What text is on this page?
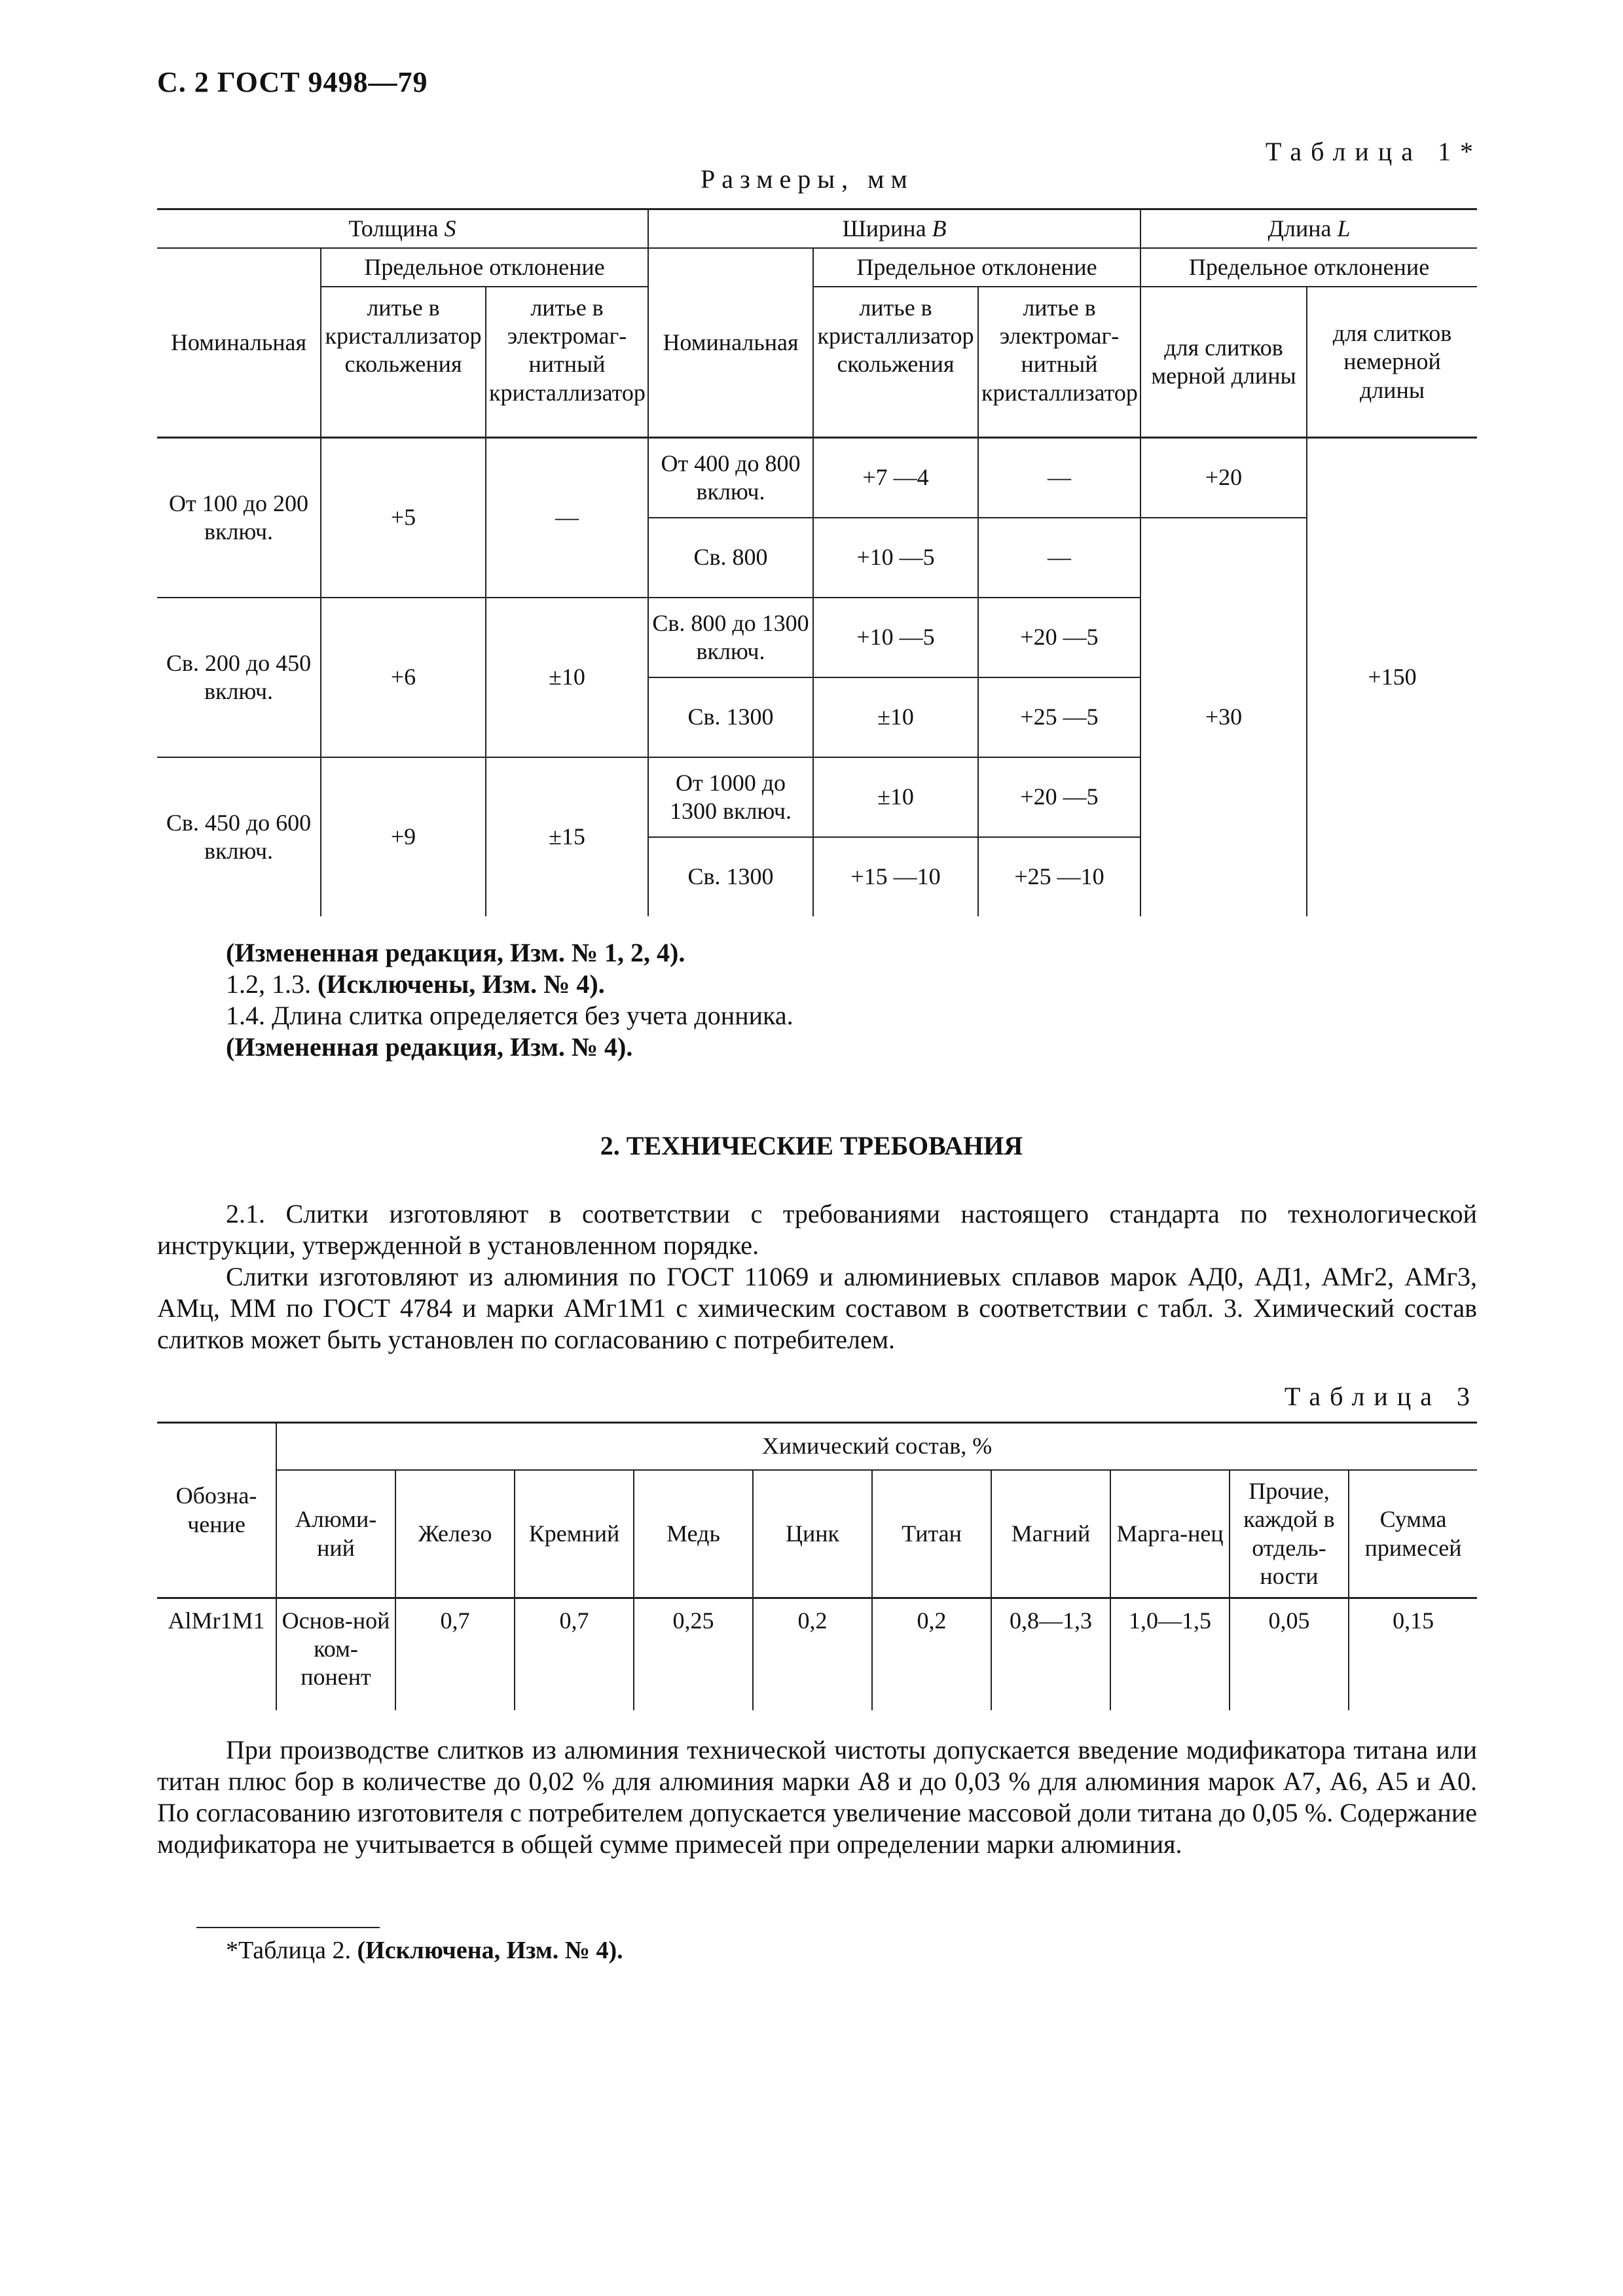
С. 2 ГОСТ 9498—79
Таблица 1*
Размеры, мм
Толщина S			Ширина B			Длина L	
Номинальная	Предельное отклонение		Номинальная	Предельное отклонение		Предельное отклонение	
	литье в кристаллизатор скольжения	литье в электромаг-нитный кристаллизатор		литье в кристаллизатор скольжения	литье в электромаг-нитный кристаллизатор	для слитков мерной длины	для слитков немерной длины
От 100 до 200 включ.	+5	—	От 400 до 800 включ.	+7 —4	—	+20	+150
			Св. 800	+10 —5	—	+30	
Св. 200 до 450 включ.	+6	±10	Св. 800 до 1300 включ.	+10 —5	+20 —5		
			Св. 1300	±10	+25 —5		
Св. 450 до 600 включ.	+9	±15	От 1000 до 1300 включ.	±10	+20 —5		
			Св. 1300	+15 —10	+25 —10		

(Измененная редакция, Изм. № 1, 2, 4).

1.2, 1.3. (Исключены, Изм. № 4).

1.4. Длина слитка определяется без учета донника.

(Измененная редакция, Изм. № 4).

2. ТЕХНИЧЕСКИЕ ТРЕБОВАНИЯ

2.1. Слитки изготовляют в соответствии с требованиями настоящего стандарта по технологической инструкции, утвержденной в установленном порядке.

Слитки изготовляют из алюминия по ГОСТ 11069 и алюминиевых сплавов марок АД0, АД1, АМг2, АМг3, АМц, ММ по ГОСТ 4784 и марки АМг1М1 с химическим составом в соответствии с табл. 3. Химический состав слитков может быть установлен по согласованию с потребителем.

Таблица 3
Обозна-чение	Химический состав, %									
	Алюми-ний	Железо	Кремний	Медь	Цинк	Титан	Магний	Марга-нец	Прочие, каждой в отдель-ности	Сумма примесей
AlMr1M1	Основ-ной ком-понент	0,7	0,7	0,25	0,2	0,2	0,8—1,3	1,0—1,5	0,05	0,15

При производстве слитков из алюминия технической чистоты допускается введение модификатора титана или титан плюс бор в количестве до 0,02 % для алюминия марки А8 и до 0,03 % для алюминия марок А7, А6, А5 и А0. По согласованию изготовителя с потребителем допускается увеличение массовой доли титана до 0,05 %. Содержание модификатора не учитывается в общей сумме примесей при определении марки алюминия.

*Таблица 2. (Исключена, Изм. № 4).
